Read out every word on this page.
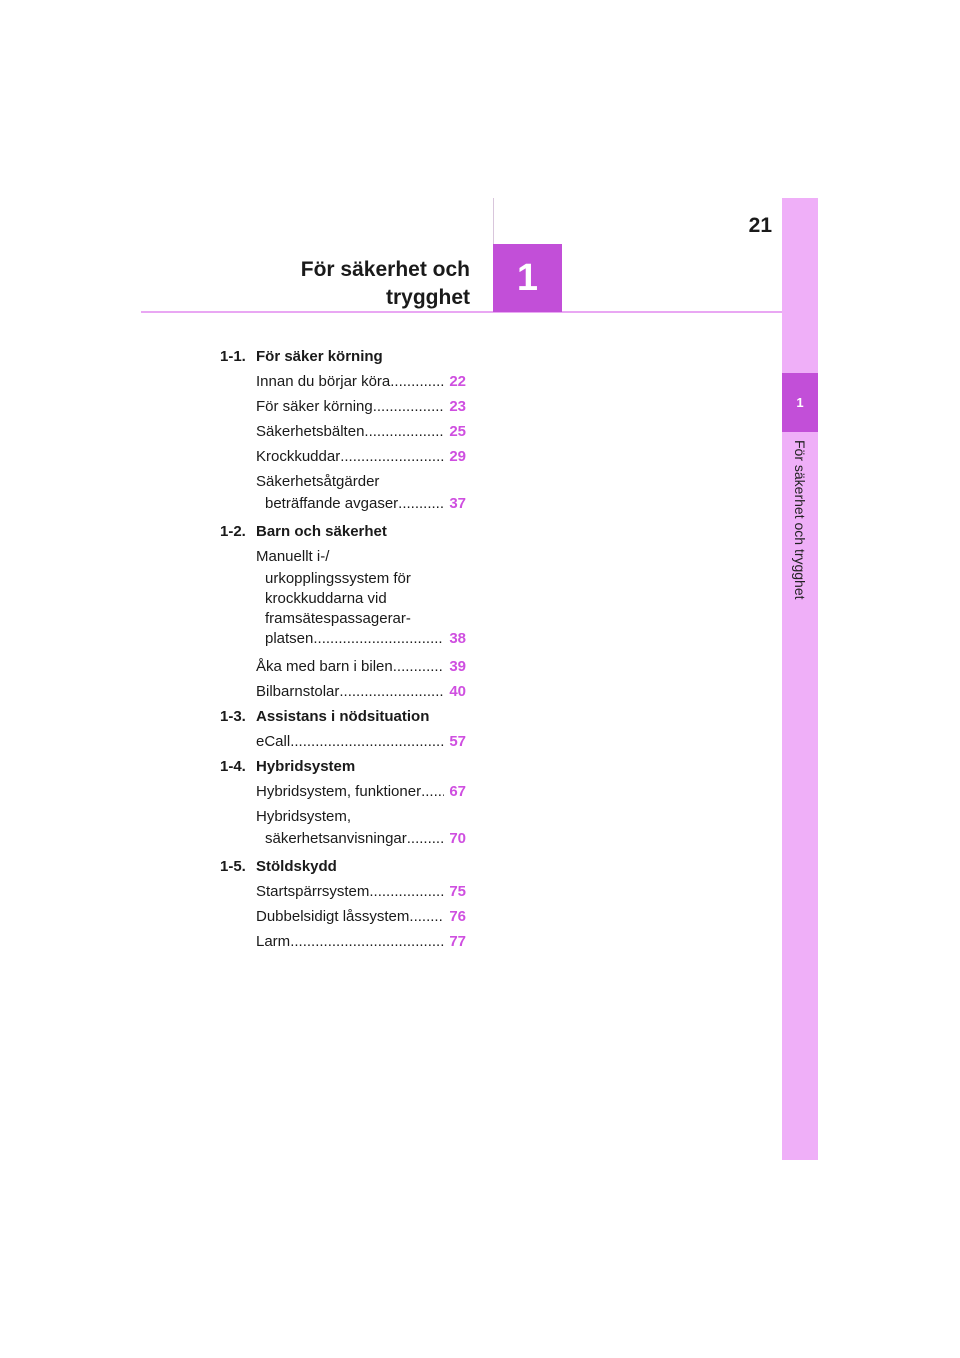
21
1
För säkerhet och trygghet
1
För säkerhet och
trygghet
1-1. För säker körning
Innan du börjar köra .....	22
För säker körning .....	23
Säkerhetsbälten .....	25
Krockkuddar .....	29
Säkerhetsåtgärder
beträffande avgaser .....	37
1-2. Barn och säkerhet
Manuellt i-/
urkopplingssystem för
krockkuddarna vid
framsätespassagerar-
platsen .....	38
Åka med barn i bilen .....	39
Bilbarnstolar .....	40
1-3. Assistans i nödsituation
eCall .....	57
1-4. Hybridsystem
Hybridsystem, funktioner .....	67
Hybridsystem,
säkerhetsanvisningar .....	70
1-5. Stöldskydd
Startspärrsystem .....	75
Dubbelsidigt låssystem .....	76
Larm .....	77
